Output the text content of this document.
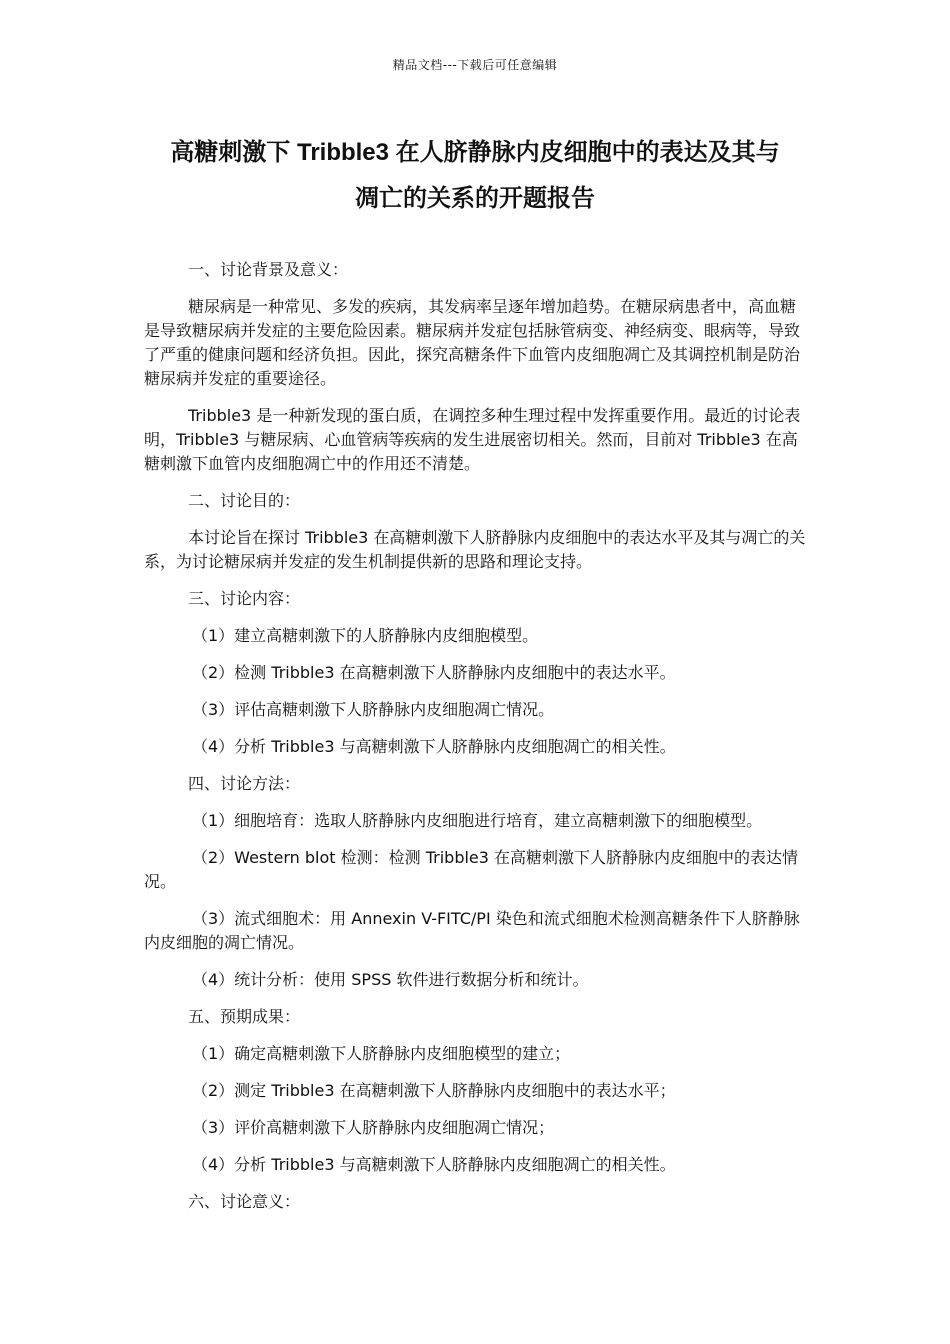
精品文档---下载后可任意编辑
高糖刺激下 Tribble3 在人脐静脉内皮细胞中的表达及其与
凋亡的关系的开题报告

一、讨论背景及意义：

糖尿病是一种常见、多发的疾病，其发病率呈逐年增加趋势。在糖尿病患者中，高血糖是导致糖尿病并发症的主要危险因素。糖尿病并发症包括脉管病变、神经病变、眼病等，导致了严重的健康问题和经济负担。因此，探究高糖条件下血管内皮细胞凋亡及其调控机制是防治糖尿病并发症的重要途径。

Tribble3 是一种新发现的蛋白质，在调控多种生理过程中发挥重要作用。最近的讨论表明，Tribble3 与糖尿病、心血管病等疾病的发生进展密切相关。然而，目前对 Tribble3 在高糖刺激下血管内皮细胞凋亡中的作用还不清楚。

二、讨论目的：

本讨论旨在探讨 Tribble3 在高糖刺激下人脐静脉内皮细胞中的表达水平及其与凋亡的关系，为讨论糖尿病并发症的发生机制提供新的思路和理论支持。

三、讨论内容：

（1）建立高糖刺激下的人脐静脉内皮细胞模型。

（2）检测 Tribble3 在高糖刺激下人脐静脉内皮细胞中的表达水平。

（3）评估高糖刺激下人脐静脉内皮细胞凋亡情况。

（4）分析 Tribble3 与高糖刺激下人脐静脉内皮细胞凋亡的相关性。

四、讨论方法：

（1）细胞培育：选取人脐静脉内皮细胞进行培育，建立高糖刺激下的细胞模型。

（2）Western blot 检测：检测 Tribble3 在高糖刺激下人脐静脉内皮细胞中的表达情况。

（3）流式细胞术：用 Annexin V-FITC/PI 染色和流式细胞术检测高糖条件下人脐静脉内皮细胞的凋亡情况。

（4）统计分析：使用 SPSS 软件进行数据分析和统计。

五、预期成果：

（1）确定高糖刺激下人脐静脉内皮细胞模型的建立；

（2）测定 Tribble3 在高糖刺激下人脐静脉内皮细胞中的表达水平；

（3）评价高糖刺激下人脐静脉内皮细胞凋亡情况；

（4）分析 Tribble3 与高糖刺激下人脐静脉内皮细胞凋亡的相关性。

六、讨论意义：
